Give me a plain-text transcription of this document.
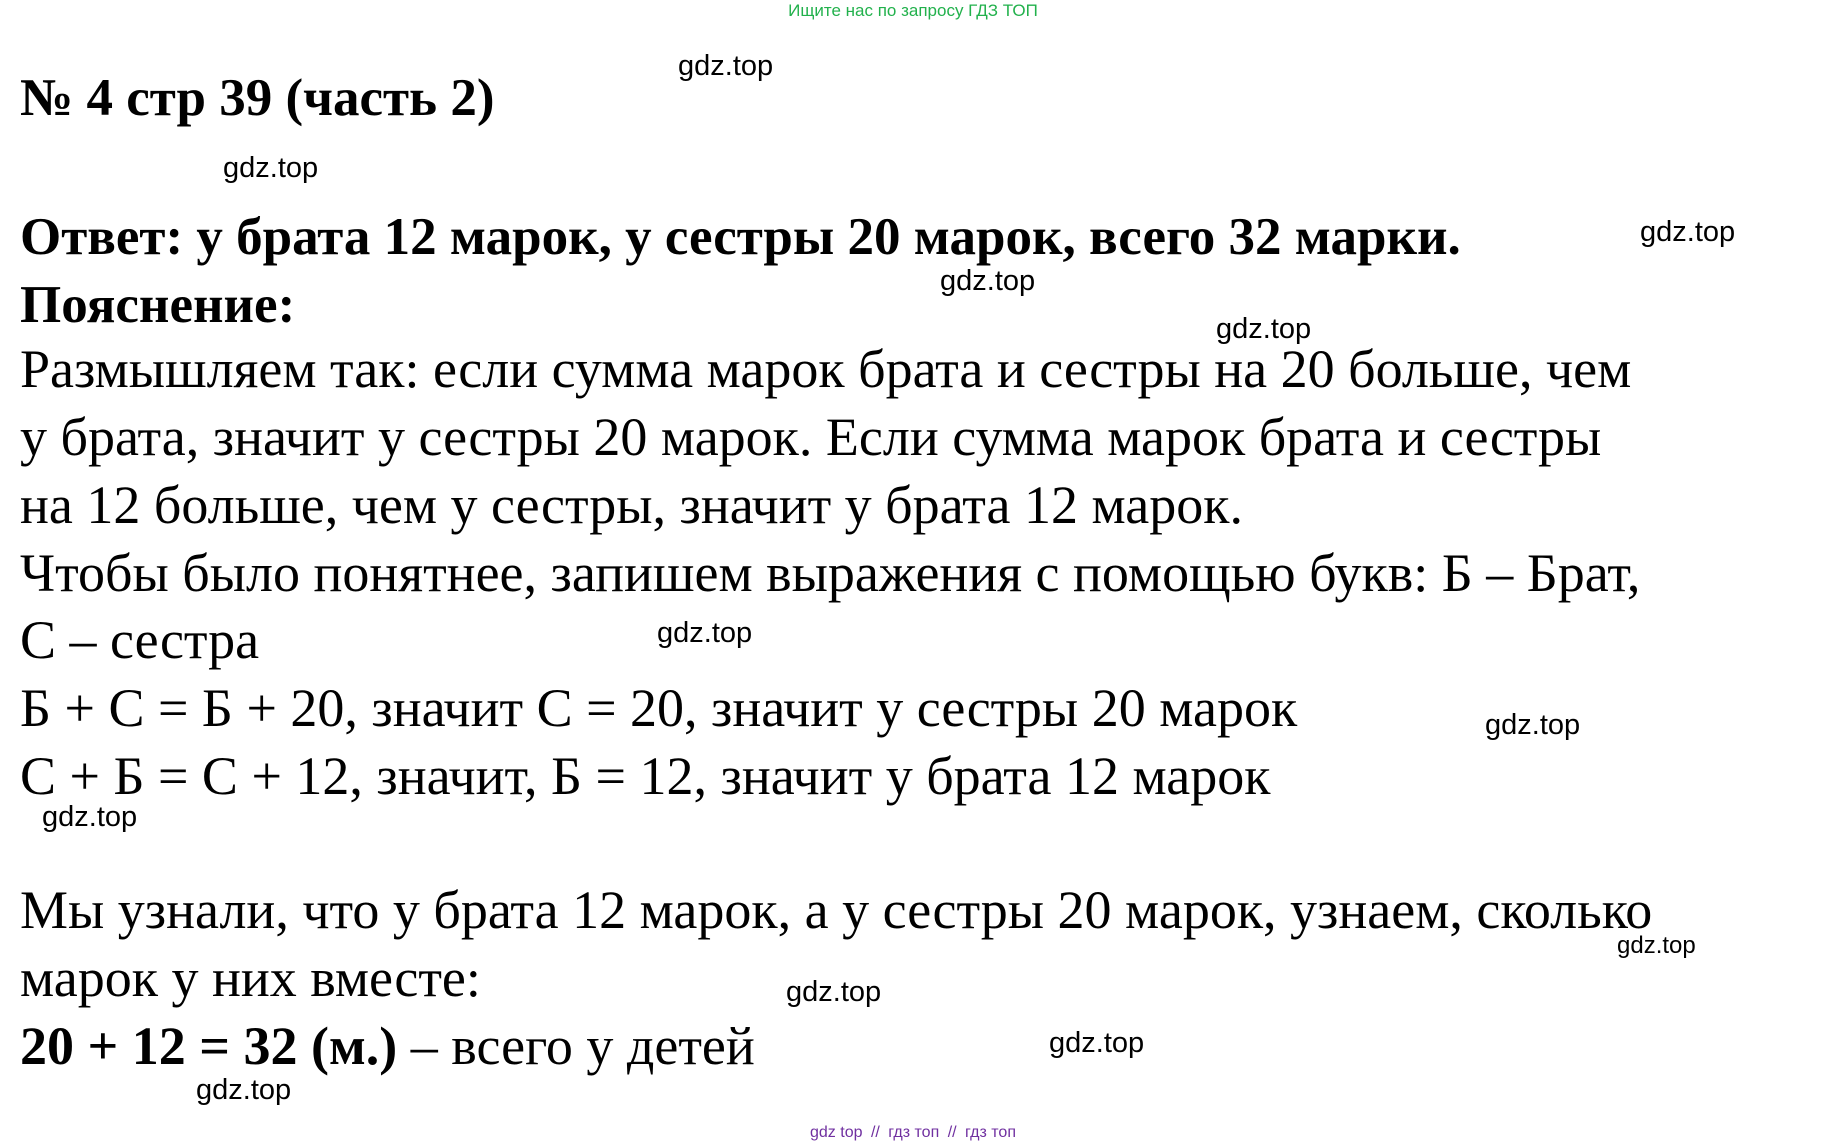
Ищите нас по запросу ГДЗ ТОП
№ 4 стр 39 (часть 2)
Ответ: у брата 12 марок, у сестры 20 марок, всего 32 марки.
Пояснение:
Размышляем так: если сумма марок брата и сестры на 20 больше, чем
у брата, значит у сестры 20 марок. Если сумма марок брата и сестры
на 12 больше, чем у сестры, значит у брата 12 марок.
Чтобы было понятнее, запишем выражения с помощью букв: Б – Брат,
С – сестра
Б + С = Б + 20, значит С = 20, значит у сестры 20 марок
С + Б = С + 12, значит, Б = 12, значит у брата 12 марок
Мы узнали, что у брата 12 марок, а у сестры 20 марок, узнаем, сколько
марок у них вместе:
20 + 12 = 32 (м.) – всего у детей
gdz.top
gdz.top
gdz.top
gdz.top
gdz.top
gdz.top
gdz.top
gdz.top
gdz.top
gdz.top
gdz.top
gdz.top
gdz top // гдз топ // гдз топ
